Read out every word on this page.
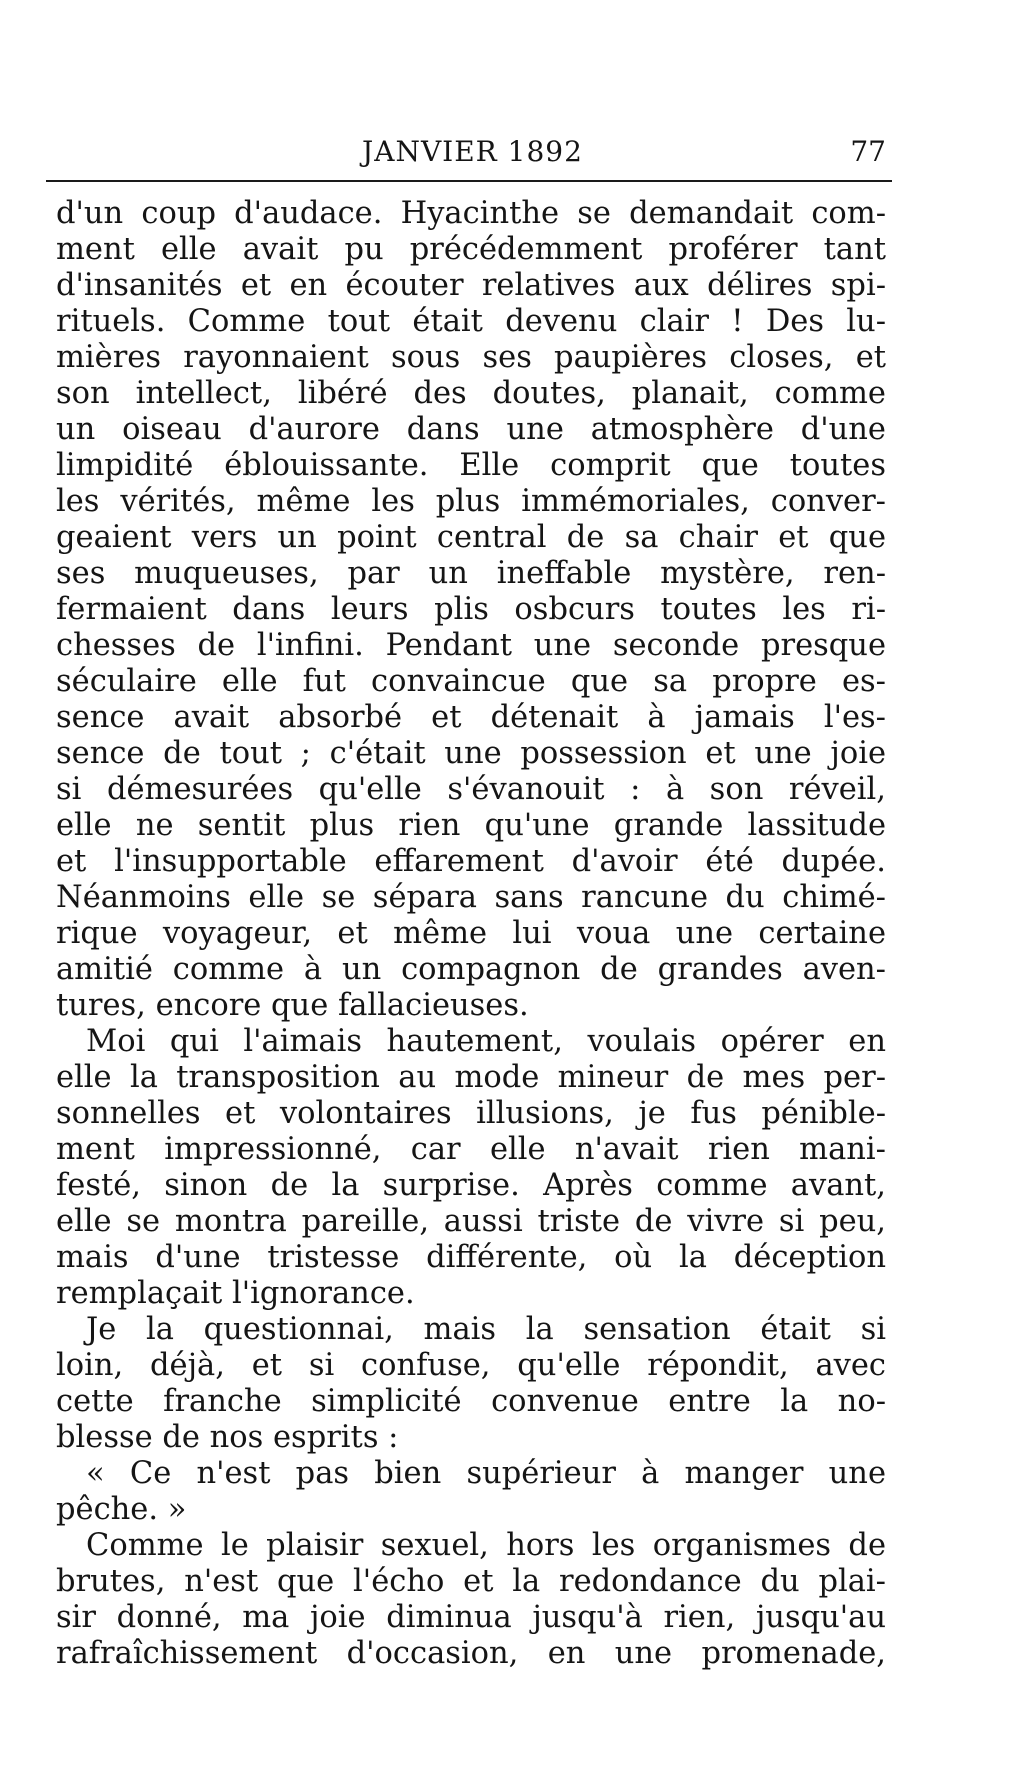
JANVIER 1892	77
d'un coup d'audace. Hyacinthe se demandait com-
ment elle avait pu précédemment proférer tant
d'insanités et en écouter relatives aux délires spi-
rituels. Comme tout était devenu clair ! Des lu-
mières rayonnaient sous ses paupières closes, et
son intellect, libéré des doutes, planait, comme
un oiseau d'aurore dans une atmosphère d'une
limpidité éblouissante. Elle comprit que toutes
les vérités, même les plus immémoriales, conver-
geaient vers un point central de sa chair et que
ses muqueuses, par un ineffable mystère, ren-
fermaient dans leurs plis osbcurs toutes les ri-
chesses de l'infini. Pendant une seconde presque
séculaire elle fut convaincue que sa propre es-
sence avait absorbé et détenait à jamais l'es-
sence de tout ; c'était une possession et une joie
si démesurées qu'elle s'évanouit : à son réveil,
elle ne sentit plus rien qu'une grande lassitude
et l'insupportable effarement d'avoir été dupée.
Néanmoins elle se sépara sans rancune du chimé-
rique voyageur, et même lui voua une certaine
amitié comme à un compagnon de grandes aven-
tures, encore que fallacieuses.
Moi qui l'aimais hautement, voulais opérer en
elle la transposition au mode mineur de mes per-
sonnelles et volontaires illusions, je fus pénible-
ment impressionné, car elle n'avait rien mani-
festé, sinon de la surprise. Après comme avant,
elle se montra pareille, aussi triste de vivre si peu,
mais d'une tristesse différente, où la déception
remplaçait l'ignorance.
Je la questionnai, mais la sensation était si
loin, déjà, et si confuse, qu'elle répondit, avec
cette franche simplicité convenue entre la no-
blesse de nos esprits :
« Ce n'est pas bien supérieur à manger une
pêche. »
Comme le plaisir sexuel, hors les organismes de
brutes, n'est que l'écho et la redondance du plai-
sir donné, ma joie diminua jusqu'à rien, jusqu'au
rafraîchissement d'occasion, en une promenade,
